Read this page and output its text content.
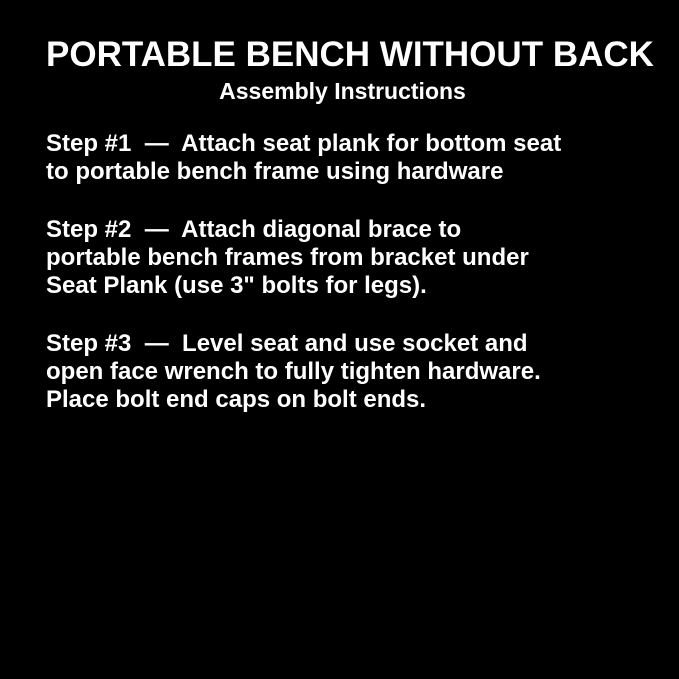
PORTABLE BENCH WITHOUT BACK
Assembly Instructions

Step #1  —  Attach seat plank for bottom seat
to portable bench frame using hardware

Step #2  —  Attach diagonal brace to
portable bench frames from bracket under
Seat Plank (use 3" bolts for legs).

Step #3  —  Level seat and use socket and
open face wrench to fully tighten hardware.
Place bolt end caps on bolt ends.
